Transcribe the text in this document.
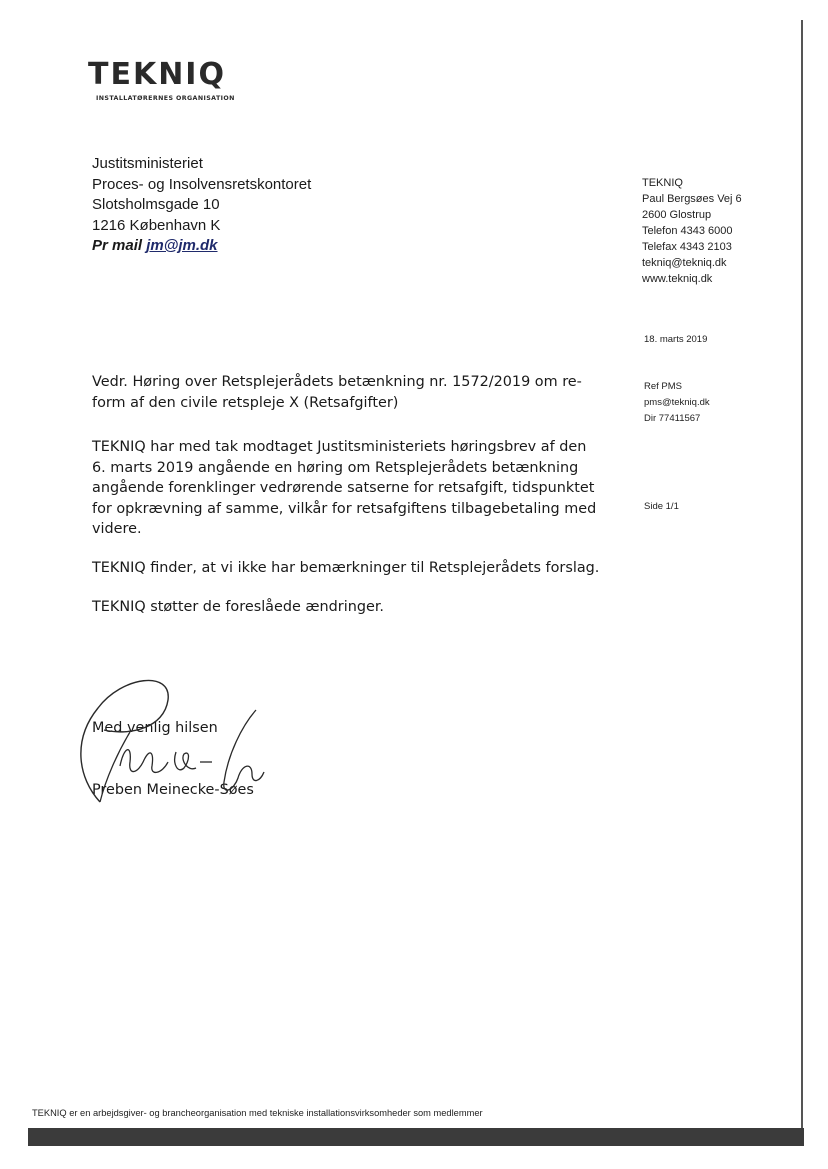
TEKNIQ
INSTALLATØRERNES ORGANISATION
Justitsministeriet
Proces- og Insolvensretskontoret
Slotsholmsgade 10
1216 København K
Pr mail jm@jm.dk
TEKNIQ
Paul Bergsøes Vej 6
2600 Glostrup
Telefon 4343 6000
Telefax 4343 2103
tekniq@tekniq.dk
www.tekniq.dk
18. marts 2019
Ref PMS
pms@tekniq.dk
Dir 77411567
Side 1/1
Vedr. Høring over Retsplejerådets betænkning nr. 1572/2019 om re-
form af den civile retspleje X (Retsafgifter)
TEKNIQ har med tak modtaget Justitsministeriets høringsbrev af den
6. marts 2019 angående en høring om Retsplejerådets betænkning
angående forenklinger vedrørende satserne for retsafgift, tidspunktet
for opkrævning af samme, vilkår for retsafgiftens tilbagebetaling med
videre.
TEKNIQ finder, at vi ikke har bemærkninger til Retsplejerådets forslag.
TEKNIQ støtter de foreslåede ændringer.
Med venlig hilsen
Preben Meinecke-Søes
TEKNIQ er en arbejdsgiver- og brancheorganisation med tekniske installationsvirksomheder som medlemmer
